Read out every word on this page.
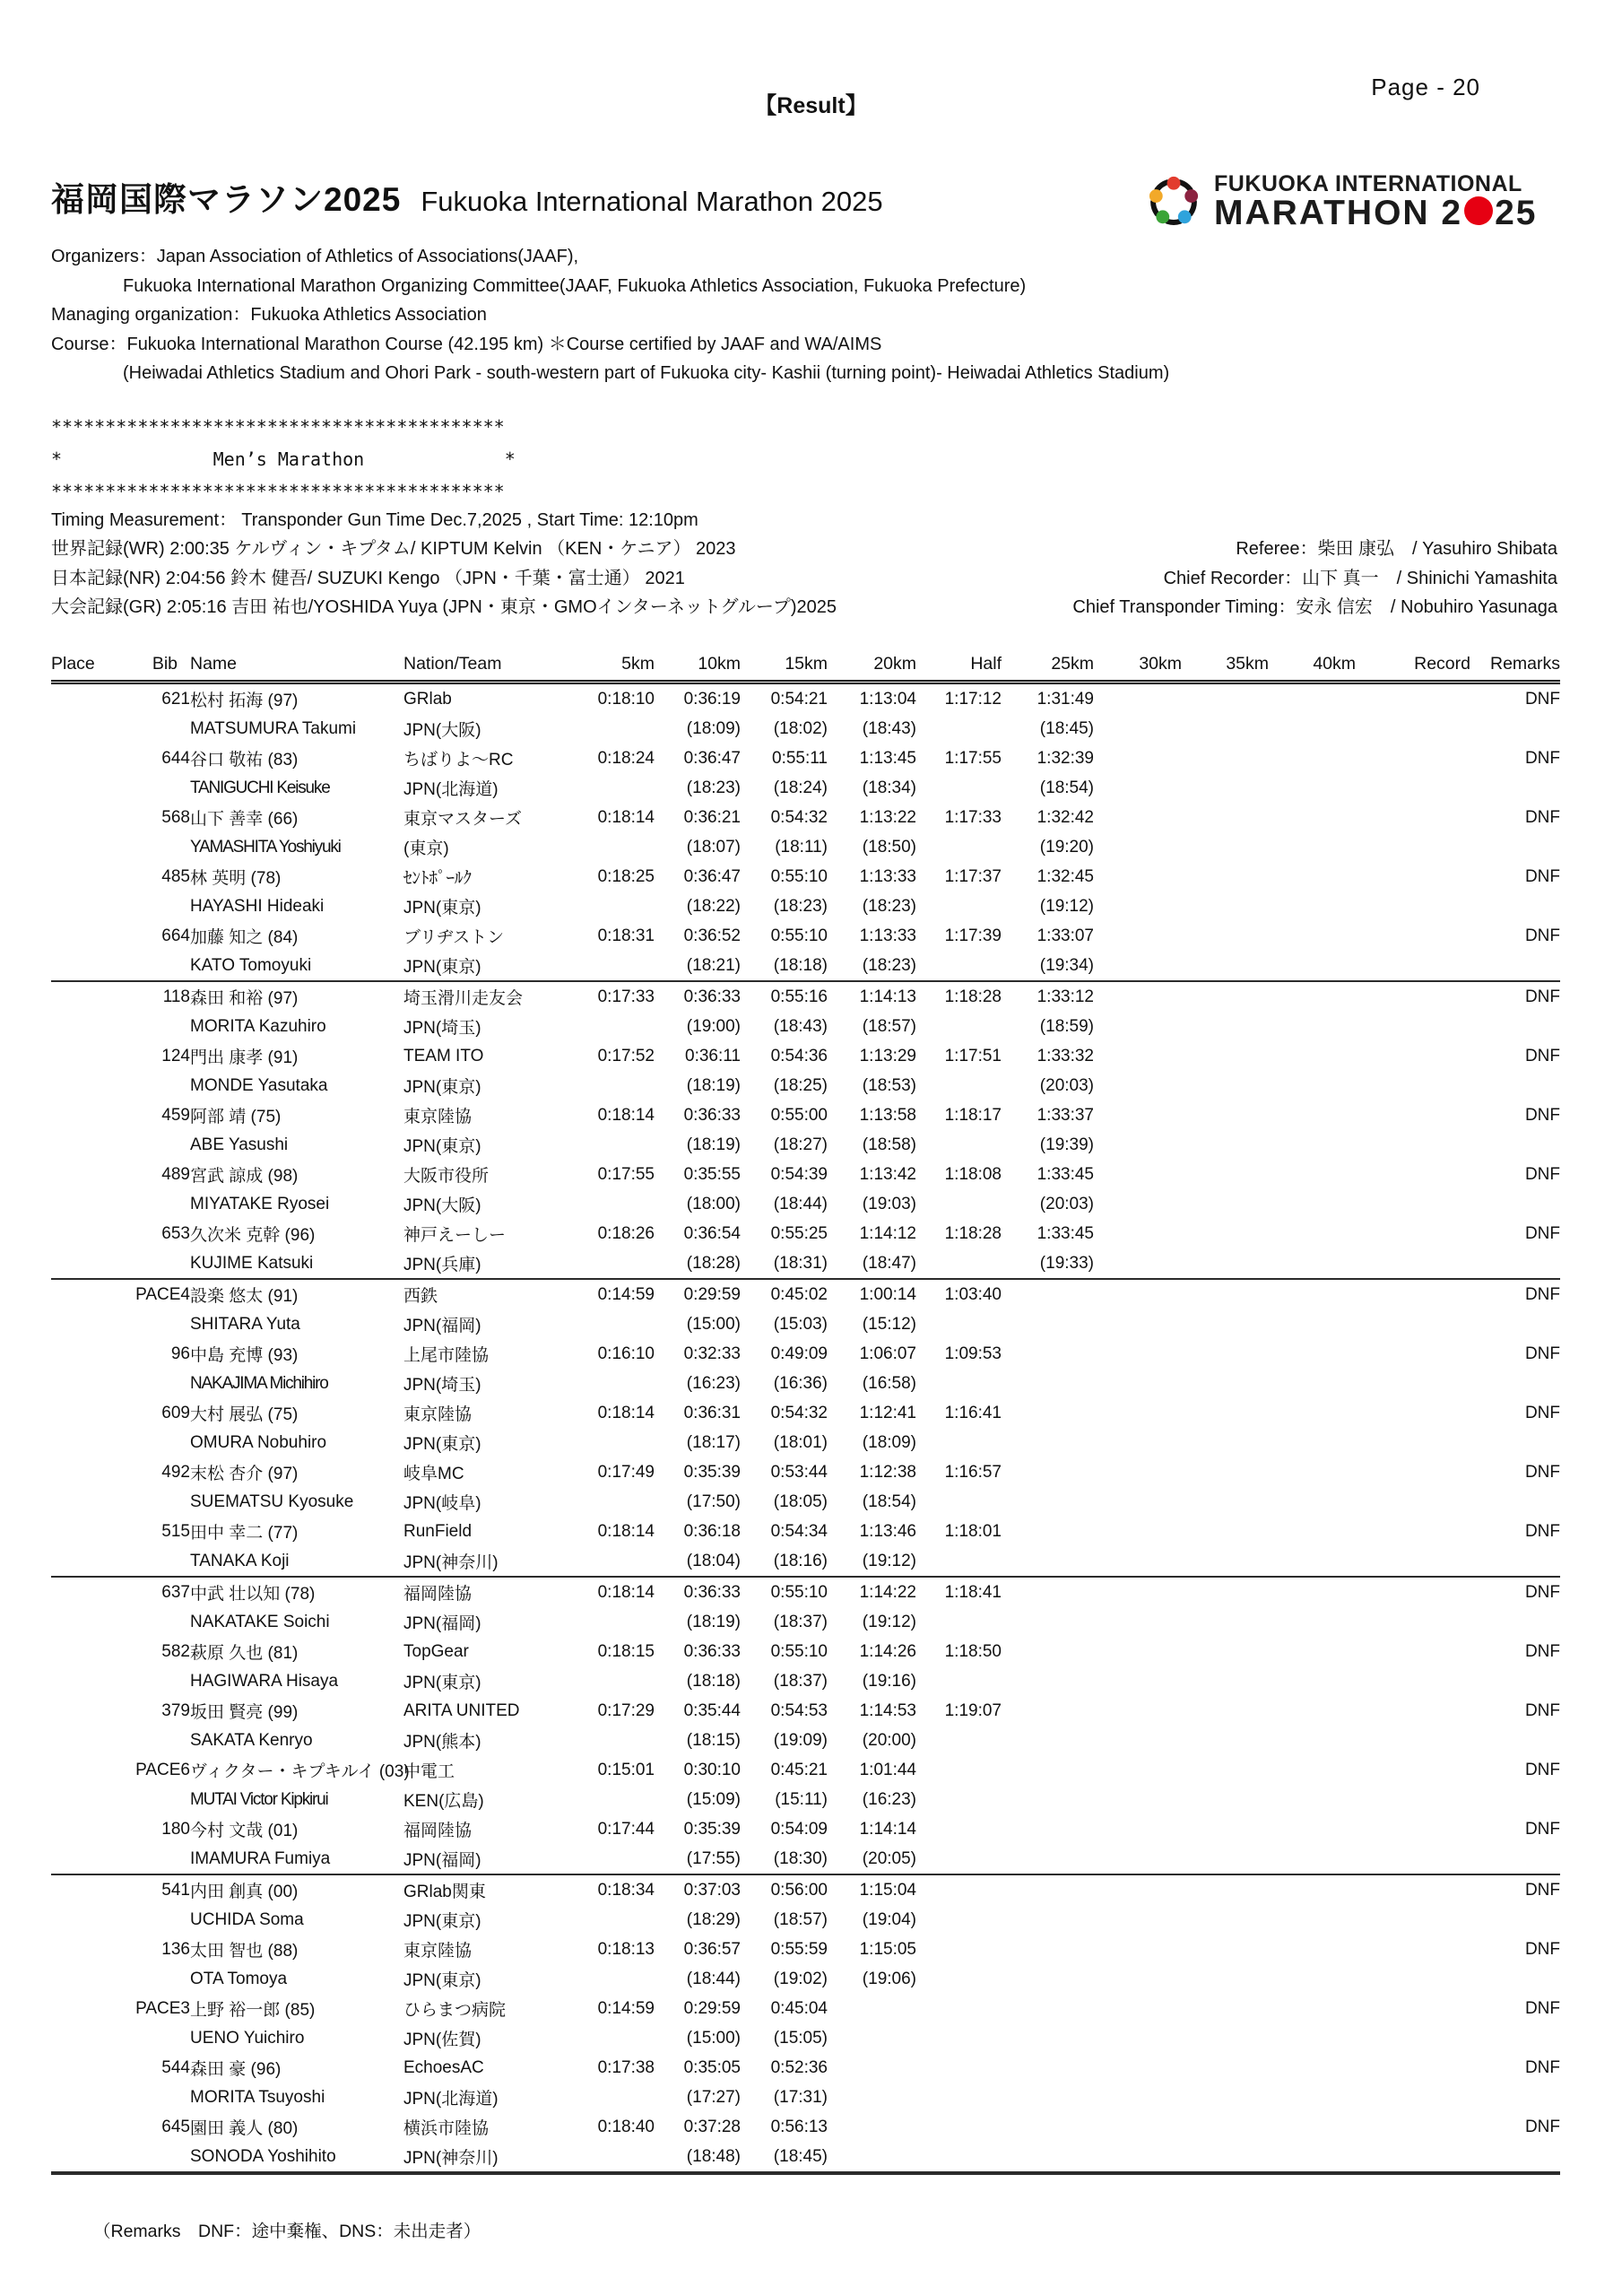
Page - 20
【Result】
福岡国際マラソン2025 Fukuoka International Marathon 2025
FUKUOKA INTERNATIONAL
MARATHON 2 25
Organizers：Japan Association of Athletics of Associations(JAAF),
Fukuoka International Marathon Organizing Committee(JAAF, Fukuoka Athletics Association, Fukuoka Prefecture)
Managing organization：Fukuoka Athletics Association
Course：Fukuoka International Marathon Course (42.195 km) ＊Course certified by JAAF and WA/AIMS
(Heiwadai Athletics Stadium and Ohori Park - south-western part of Fukuoka city- Kashii (turning point)- Heiwadai Athletics Stadium)
******************************************
*              Men’s Marathon             *
******************************************
Timing Measurement： Transponder Gun Time Dec.7,2025 , Start Time: 12:10pm
世界記録(WR) 2:00:35 ケルヴィン・キプタム/ KIPTUM Kelvin （KEN・ケニア） 2023	Referee：柴田 康弘　/ Yasuhiro Shibata
日本記録(NR) 2:04:56 鈴木 健吾/ SUZUKI Kengo （JPN・千葉・富士通） 2021	Chief Recorder：山下 真一　/ Shinichi Yamashita
大会記録(GR) 2:05:16 吉田 祐也/YOSHIDA Yuya (JPN・東京・GMOインターネットグループ)2025	Chief Transponder Timing：安永 信宏　/ Nobuhiro Yasunaga
Place Bib	Name	Nation/Team	5km	10km	15km	20km	Half	25km	30km	35km	40km	Record	Remarks
621	松村 拓海 (97)	GRlab	0:18:10	0:36:19	0:54:21	1:13:04	1:17:12	1:31:49					DNF
	MATSUMURA Takumi	JPN(大阪)		(18:09)	(18:02)	(18:43)		(18:45)					
644	谷口 敬祐 (83)	ちばりよ～RC	0:18:24	0:36:47	0:55:11	1:13:45	1:17:55	1:32:39					DNF
	TANIGUCHI Keisuke	JPN(北海道)		(18:23)	(18:24)	(18:34)		(18:54)					
568	山下 善幸 (66)	東京マスターズ	0:18:14	0:36:21	0:54:32	1:13:22	1:17:33	1:32:42					DNF
	YAMASHITA Yoshiyuki	(東京)		(18:07)	(18:11)	(18:50)		(19:20)					
485	林 英明 (78)	ｾﾝﾄﾎﾟｰﾙｸ	0:18:25	0:36:47	0:55:10	1:13:33	1:17:37	1:32:45					DNF
	HAYASHI Hideaki	JPN(東京)		(18:22)	(18:23)	(18:23)		(19:12)					
664	加藤 知之 (84)	ブリヂストン	0:18:31	0:36:52	0:55:10	1:13:33	1:17:39	1:33:07					DNF
	KATO Tomoyuki	JPN(東京)		(18:21)	(18:18)	(18:23)		(19:34)					
118	森田 和裕 (97)	埼玉滑川走友会	0:17:33	0:36:33	0:55:16	1:14:13	1:18:28	1:33:12					DNF
	MORITA Kazuhiro	JPN(埼玉)		(19:00)	(18:43)	(18:57)		(18:59)					
124	門出 康孝 (91)	TEAM ITO	0:17:52	0:36:11	0:54:36	1:13:29	1:17:51	1:33:32					DNF
	MONDE Yasutaka	JPN(東京)		(18:19)	(18:25)	(18:53)		(20:03)					
459	阿部 靖 (75)	東京陸協	0:18:14	0:36:33	0:55:00	1:13:58	1:18:17	1:33:37					DNF
	ABE Yasushi	JPN(東京)		(18:19)	(18:27)	(18:58)		(19:39)					
489	宮武 諒成 (98)	大阪市役所	0:17:55	0:35:55	0:54:39	1:13:42	1:18:08	1:33:45					DNF
	MIYATAKE Ryosei	JPN(大阪)		(18:00)	(18:44)	(19:03)		(20:03)					
653	久次米 克幹 (96)	神戸えーしー	0:18:26	0:36:54	0:55:25	1:14:12	1:18:28	1:33:45					DNF
	KUJIME Katsuki	JPN(兵庫)		(18:28)	(18:31)	(18:47)		(19:33)					
PACE4	設楽 悠太 (91)	西鉄	0:14:59	0:29:59	0:45:02	1:00:14	1:03:40						DNF
	SHITARA Yuta	JPN(福岡)		(15:00)	(15:03)	(15:12)							
96	中島 充博 (93)	上尾市陸協	0:16:10	0:32:33	0:49:09	1:06:07	1:09:53						DNF
	NAKAJIMA Michihiro	JPN(埼玉)		(16:23)	(16:36)	(16:58)							
609	大村 展弘 (75)	東京陸協	0:18:14	0:36:31	0:54:32	1:12:41	1:16:41						DNF
	OMURA Nobuhiro	JPN(東京)		(18:17)	(18:01)	(18:09)							
492	末松 杏介 (97)	岐阜MC	0:17:49	0:35:39	0:53:44	1:12:38	1:16:57						DNF
	SUEMATSU Kyosuke	JPN(岐阜)		(17:50)	(18:05)	(18:54)							
515	田中 幸二 (77)	RunField	0:18:14	0:36:18	0:54:34	1:13:46	1:18:01						DNF
	TANAKA Koji	JPN(神奈川)		(18:04)	(18:16)	(19:12)							
637	中武 壮以知 (78)	福岡陸協	0:18:14	0:36:33	0:55:10	1:14:22	1:18:41						DNF
	NAKATAKE Soichi	JPN(福岡)		(18:19)	(18:37)	(19:12)							
582	萩原 久也 (81)	TopGear	0:18:15	0:36:33	0:55:10	1:14:26	1:18:50						DNF
	HAGIWARA Hisaya	JPN(東京)		(18:18)	(18:37)	(19:16)							
379	坂田 賢亮 (99)	ARITA UNITED	0:17:29	0:35:44	0:54:53	1:14:53	1:19:07						DNF
	SAKATA Kenryo	JPN(熊本)		(18:15)	(19:09)	(20:00)							
PACE6	ヴィクター・キプキルイ (03)	中電工	0:15:01	0:30:10	0:45:21	1:01:44							DNF
	MUTAI Victor Kipkirui	KEN(広島)		(15:09)	(15:11)	(16:23)							
180	今村 文哉 (01)	福岡陸協	0:17:44	0:35:39	0:54:09	1:14:14							DNF
	IMAMURA Fumiya	JPN(福岡)		(17:55)	(18:30)	(20:05)							
541	内田 創真 (00)	GRlab関東	0:18:34	0:37:03	0:56:00	1:15:04							DNF
	UCHIDA Soma	JPN(東京)		(18:29)	(18:57)	(19:04)							
136	太田 智也 (88)	東京陸協	0:18:13	0:36:57	0:55:59	1:15:05							DNF
	OTA Tomoya	JPN(東京)		(18:44)	(19:02)	(19:06)							
PACE3	上野 裕一郎 (85)	ひらまつ病院	0:14:59	0:29:59	0:45:04								DNF
	UENO Yuichiro	JPN(佐賀)		(15:00)	(15:05)								
544	森田 豪 (96)	EchoesAC	0:17:38	0:35:05	0:52:36								DNF
	MORITA Tsuyoshi	JPN(北海道)		(17:27)	(17:31)								
645	園田 義人 (80)	横浜市陸協	0:18:40	0:37:28	0:56:13								DNF
	SONODA Yoshihito	JPN(神奈川)		(18:48)	(18:45)								
（Remarks　DNF：途中棄権、DNS：未出走者）
